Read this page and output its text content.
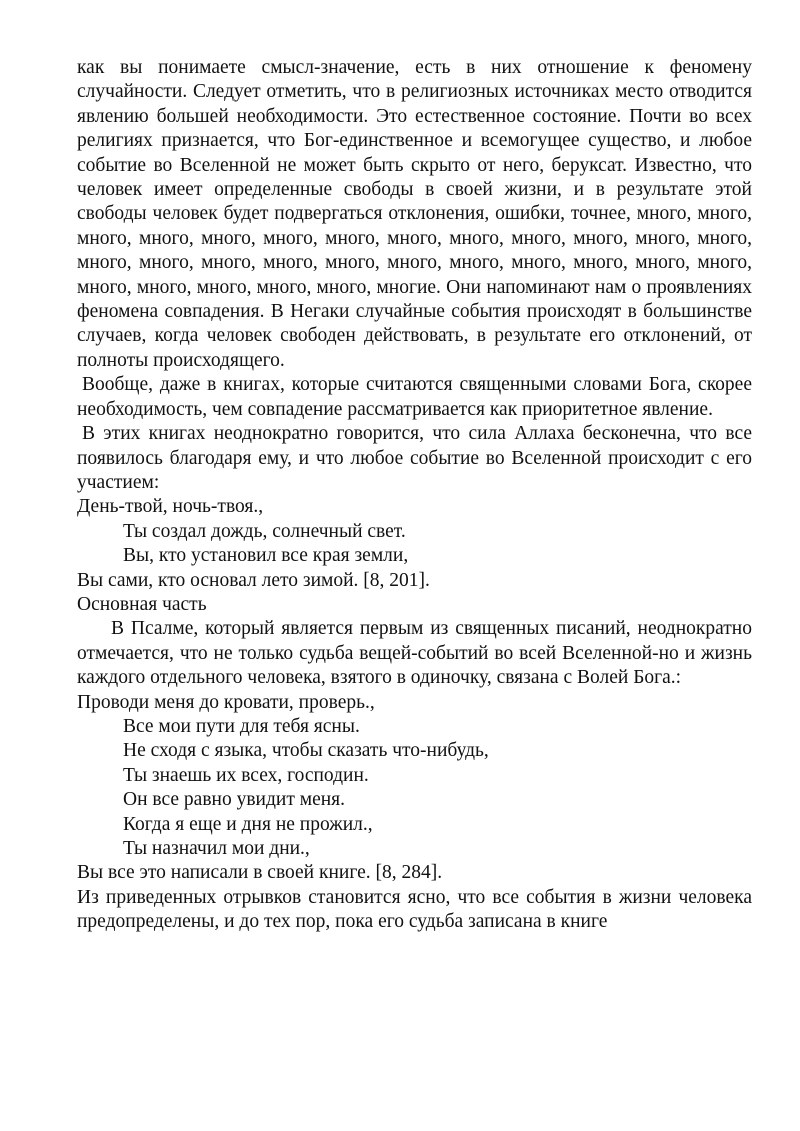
как вы понимаете смысл-значение, есть в них отношение к феномену случайности. Следует отметить, что в религиозных источниках место отводится явлению большей необходимости. Это естественное состояние. Почти во всех религиях признается, что Бог-единственное и всемогущее существо, и любое событие во Вселенной не может быть скрыто от него, беруксат. Известно, что человек имеет определенные свободы в своей жизни, и в результате этой свободы человек будет подвергаться отклонения, ошибки, точнее, много, много, много, много, много, много, много, много, много, много, много, много, много, много, много, много, много, много, много, много, много, много, много, много, много, много, много, много, много, многие. Они напоминают нам о проявлениях феномена совпадения. В Негаки случайные события происходят в большинстве случаев, когда человек свободен действовать, в результате его отклонений, от полноты происходящего.

Вообще, даже в книгах, которые считаются священными словами Бога, скорее необходимость, чем совпадение рассматривается как приоритетное явление.

В этих книгах неоднократно говорится, что сила Аллаха бесконечна, что все появилось благодаря ему, и что любое событие во Вселенной происходит с его участием:

День-твой, ночь-твоя.,
Ты создал дождь, солнечный свет.
Вы, кто установил все края земли,
Вы сами, кто основал лето зимой. [8, 201].
Основная часть

В Псалме, который является первым из священных писаний, неоднократно отмечается, что не только судьба вещей-событий во всей Вселенной-но и жизнь каждого отдельного человека, взятого в одиночку, связана с Волей Бога.:

Проводи меня до кровати, проверь.,
Все мои пути для тебя ясны.
Не сходя с языка, чтобы сказать что-нибудь,
Ты знаешь их всех, господин.
Он все равно увидит меня.
Когда я еще и дня не прожил.,
Ты назначил мои дни.,
Вы все это написали в своей книге. [8, 284].

Из приведенных отрывков становится ясно, что все события в жизни человека предопределены, и до тех пор, пока его судьба записана в книге
